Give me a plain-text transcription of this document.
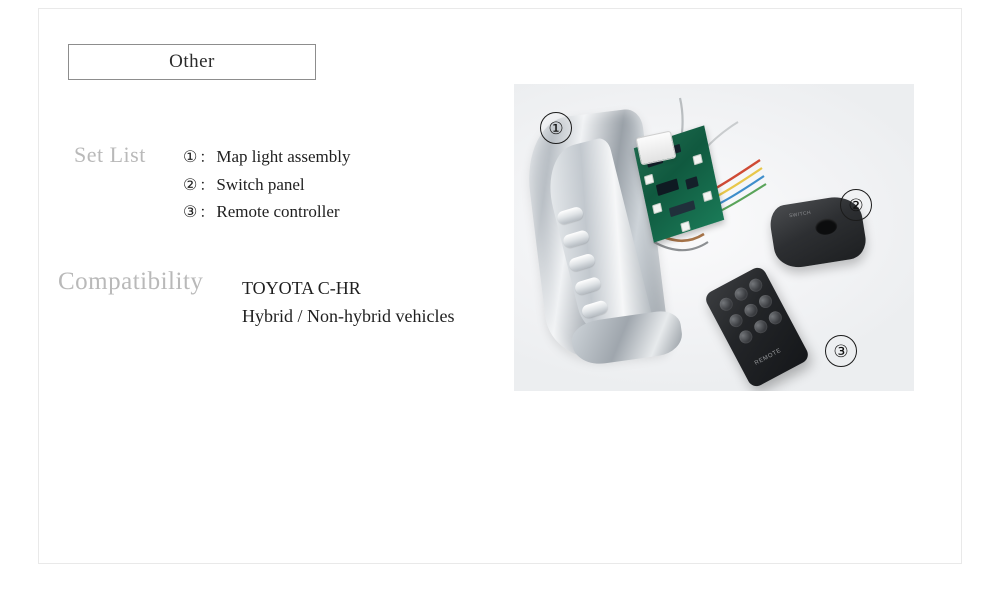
Other
Set List
Compatibility
① ： Map light assembly
② ： Switch panel
③ ： Remote controller
TOYOTA C-HR
Hybrid / Non-hybrid vehicles
SWITCH
REMOTE
①
②
③
